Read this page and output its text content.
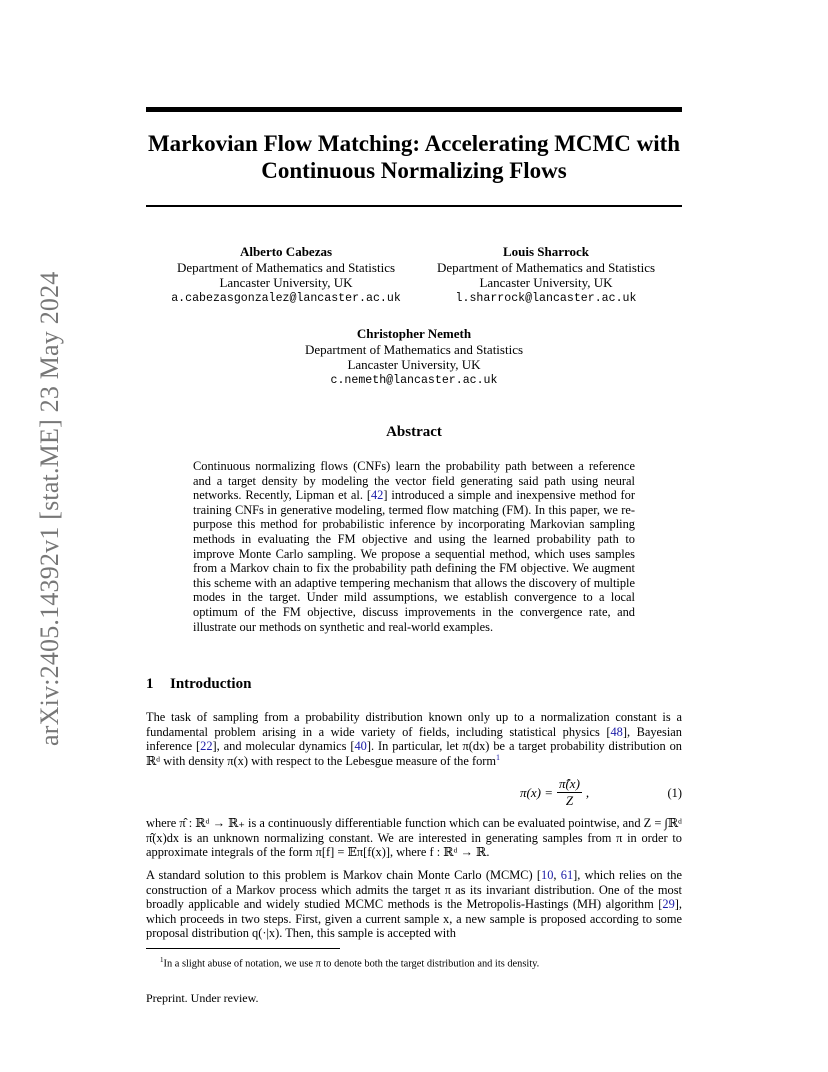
arXiv:2405.14392v1 [stat.ME] 23 May 2024
Markovian Flow Matching: Accelerating MCMC with Continuous Normalizing Flows
Alberto Cabezas
Department of Mathematics and Statistics
Lancaster University, UK
a.cabezasgonzalez@lancaster.ac.uk
Louis Sharrock
Department of Mathematics and Statistics
Lancaster University, UK
l.sharrock@lancaster.ac.uk
Christopher Nemeth
Department of Mathematics and Statistics
Lancaster University, UK
c.nemeth@lancaster.ac.uk
Abstract

Continuous normalizing flows (CNFs) learn the probability path between a reference and a target density by modeling the vector field generating said path using neural networks. Recently, Lipman et al. [42] introduced a simple and inexpensive method for training CNFs in generative modeling, termed flow matching (FM). In this paper, we re-purpose this method for probabilistic inference by incorporating Markovian sampling methods in evaluating the FM objective and using the learned probability path to improve Monte Carlo sampling. We propose a sequential method, which uses samples from a Markov chain to fix the probability path defining the FM objective. We augment this scheme with an adaptive tempering mechanism that allows the discovery of multiple modes in the target. Under mild assumptions, we establish convergence to a local optimum of the FM objective, discuss improvements in the convergence rate, and illustrate our methods on synthetic and real-world examples.

1 Introduction

The task of sampling from a probability distribution known only up to a normalization constant is a fundamental problem arising in a wide variety of fields, including statistical physics [48], Bayesian inference [22], and molecular dynamics [40]. In particular, let π(dx) be a target probability distribution on ℝᵈ with density π(x) with respect to the Lebesgue measure of the form$^1$

$\pi(x) = \frac{\pî(x)}{Z}$ ,	(1)

where π̂ : ℝᵈ → ℝ₊ is a continuously differentiable function which can be evaluated pointwise, and Z = ∫ℝᵈ π̂(x)dx is an unknown normalizing constant. We are interested in generating samples from π in order to approximate integrals of the form π[f] = 𝔼π[f(x)], where f : ℝᵈ → ℝ.

A standard solution to this problem is Markov chain Monte Carlo (MCMC) [10, 61], which relies on the construction of a Markov process which admits the target π as its invariant distribution. One of the most broadly applicable and widely studied MCMC methods is the Metropolis-Hastings (MH) algorithm [29], which proceeds in two steps. First, given a current sample x, a new sample is proposed according to some proposal distribution q(·|x). Then, this sample is accepted with

$^1$In a slight abuse of notation, we use π to denote both the target distribution and its density.

Preprint. Under review.
